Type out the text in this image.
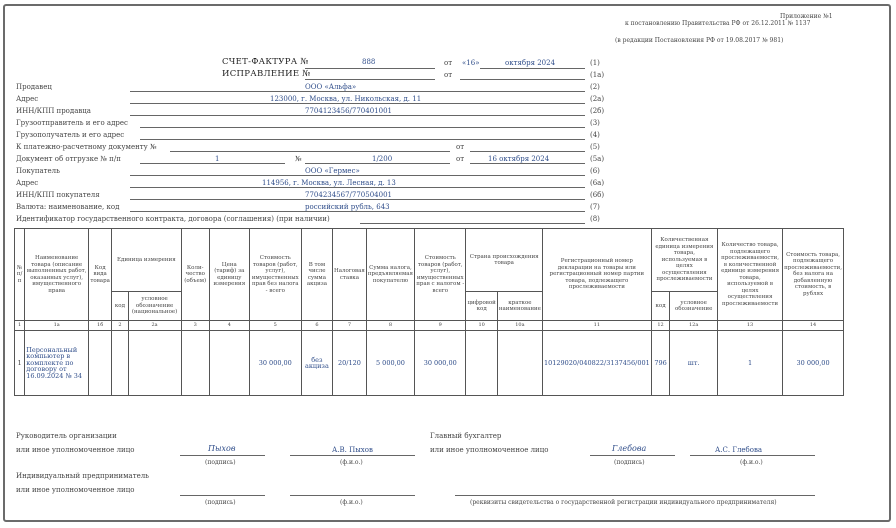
Приложение №1
к постановлению Правительства РФ от 26.12.2011 № 1137
(в редакции Постановления РФ от 19.08.2017 № 981)
СЧЕТ-ФАКТУРА №	888	от «16»	октября 2024	(1)
ИСПРАВЛЕНИЕ №	от	(1а)
Продавец	ООО «Альфа»	(2)
Адрес	123000, г. Москва, ул. Никольская, д. 11	(2а)
ИНН/КПП продавца	7704123456/770401001	(2б)
Грузоотправитель и его адрес	(3)
Грузополучатель и его адрес	(4)
К платежно-расчетному документу №	от	(5)
Документ об отгрузке № п/п	1	№	1/200	от	16 октября 2024	(5а)
Покупатель	ООО «Гермес»	(6)
Адрес	114956, г. Москва, ул. Лесная, д. 13	(6а)
ИНН/КПП покупателя	7704234567/770504001	(6б)
Валюта: наименование, код	российский рубль, 643	(7)
Идентификатор государственного контракта, договора (соглашения) (при наличии)	(8)
№ п/п	Наименование товара (описание выполненных работ, оказанных услуг), имущественного права	Код вида товара	Единица измерения		Коли-чество (объем)	Цена (тариф) за единицу измерения	Стоимость товаров (работ, услуг), имущественных прав без налога - всего	В том числе сумма акциза	Налоговая ставка	Сумма налога, предъявляемая покупателю	Стоимость товаров (работ, услуг), имущественных прав с налогом - всего	Страна происхождения товара		Регистрационный номер декларации на товары или регистрационный номер партии товара, подлежащего прослеживаемости	Количественная единица измерения товара, используемая в целях осуществления прослеживаемости		Количество товара, подлежащего прослеживаемости, в количественной единице измерения товара, используемой в целях осуществления прослеживаемости	Стоимость товара, подлежащего прослеживаемости, без налога на добавленную стоимость, в рублях
			код	условное обозначение (национальное)								цифровой код	краткое наименование		код	условное обозначение		
1	1а	1б	2	2а	3	4	5	6	7	8	9	10	10а	11	12	12а	13	14
1	Персональный компьютер в комплекте по договору от 16.09.2024 № 34						30 000,00	без акциза	20/120	5 000,00	30 000,00			10129020/040822/3137456/001	796	шт.	1	30 000,00
Руководитель организации
или иное уполномоченное лицо	Пыхов
(подпись)
А.В. Пыхов
(ф.и.о.)
Главный бухгалтер
или иное уполномоченное лицо	Глебова
(подпись)
А.С. Глебова
(ф.и.о.)
Индивидуальный предприниматель
или иное уполномоченное лицо
(подпись)	(ф.и.о.)	(реквизиты свидетельства о государственной регистрации индивидуального предпринимателя)
